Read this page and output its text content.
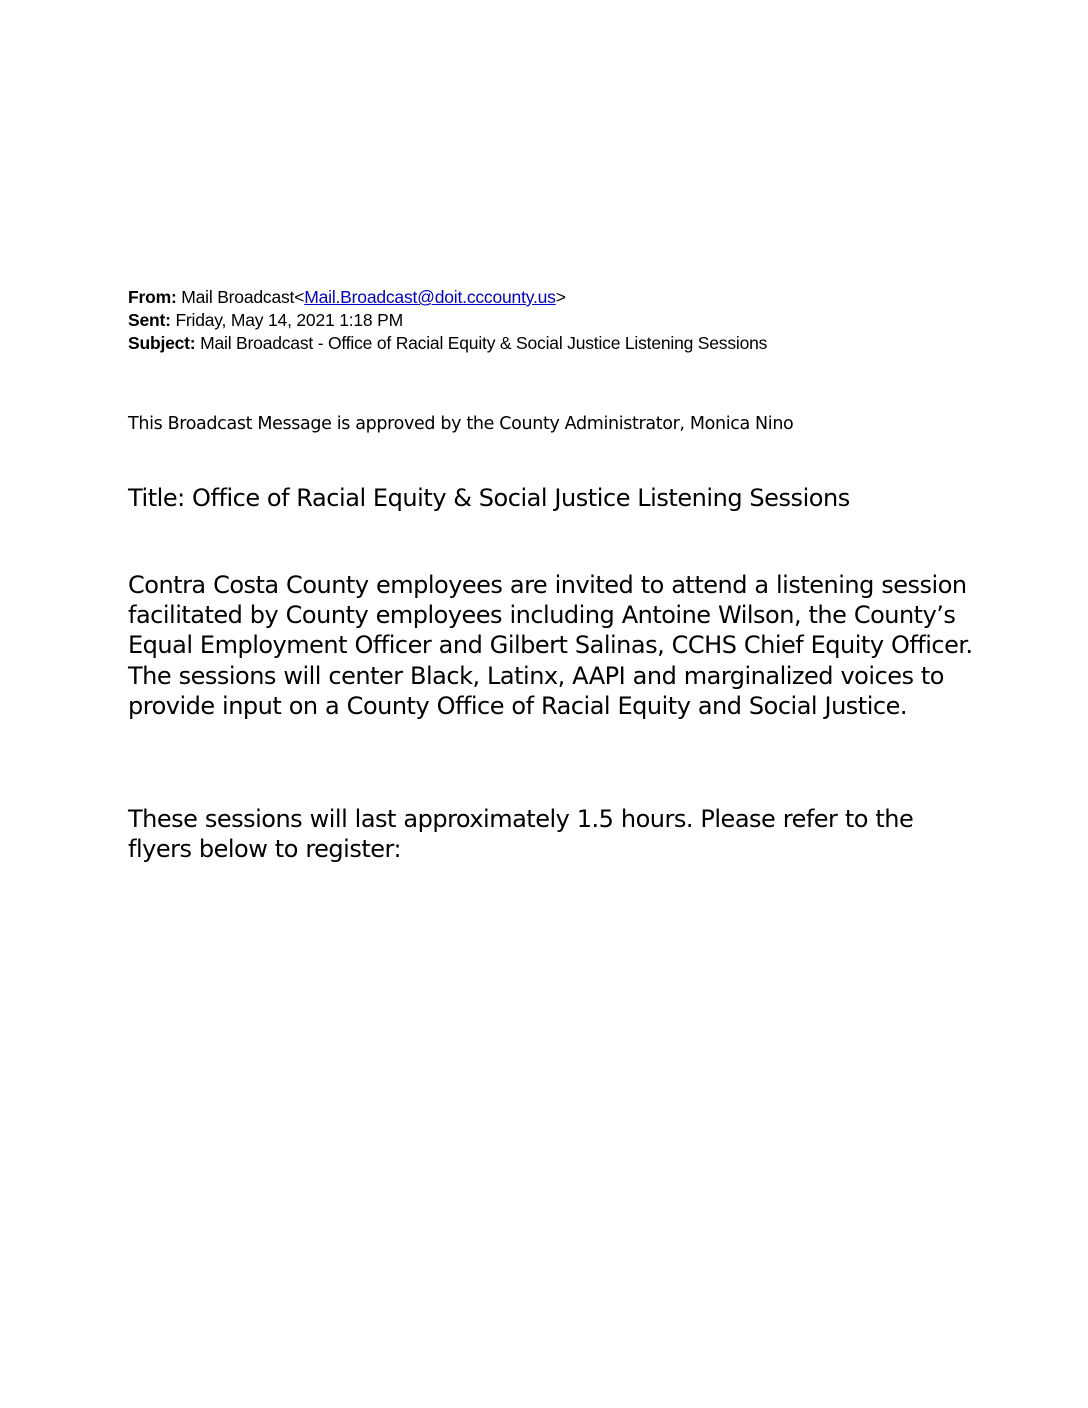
From: Mail Broadcast<Mail.Broadcast@doit.cccounty.us>
Sent: Friday, May 14, 2021 1:18 PM
Subject: Mail Broadcast - Office of Racial Equity & Social Justice Listening Sessions
This Broadcast Message is approved by the County Administrator, Monica Nino
Title: Office of Racial Equity & Social Justice Listening Sessions
Contra Costa County employees are invited to attend a listening session facilitated by County employees including Antoine Wilson, the County’s Equal Employment Officer and Gilbert Salinas, CCHS Chief Equity Officer. The sessions will center Black, Latinx, AAPI and marginalized voices to provide input on a County Office of Racial Equity and Social Justice.
These sessions will last approximately 1.5 hours. Please refer to the flyers below to register:
